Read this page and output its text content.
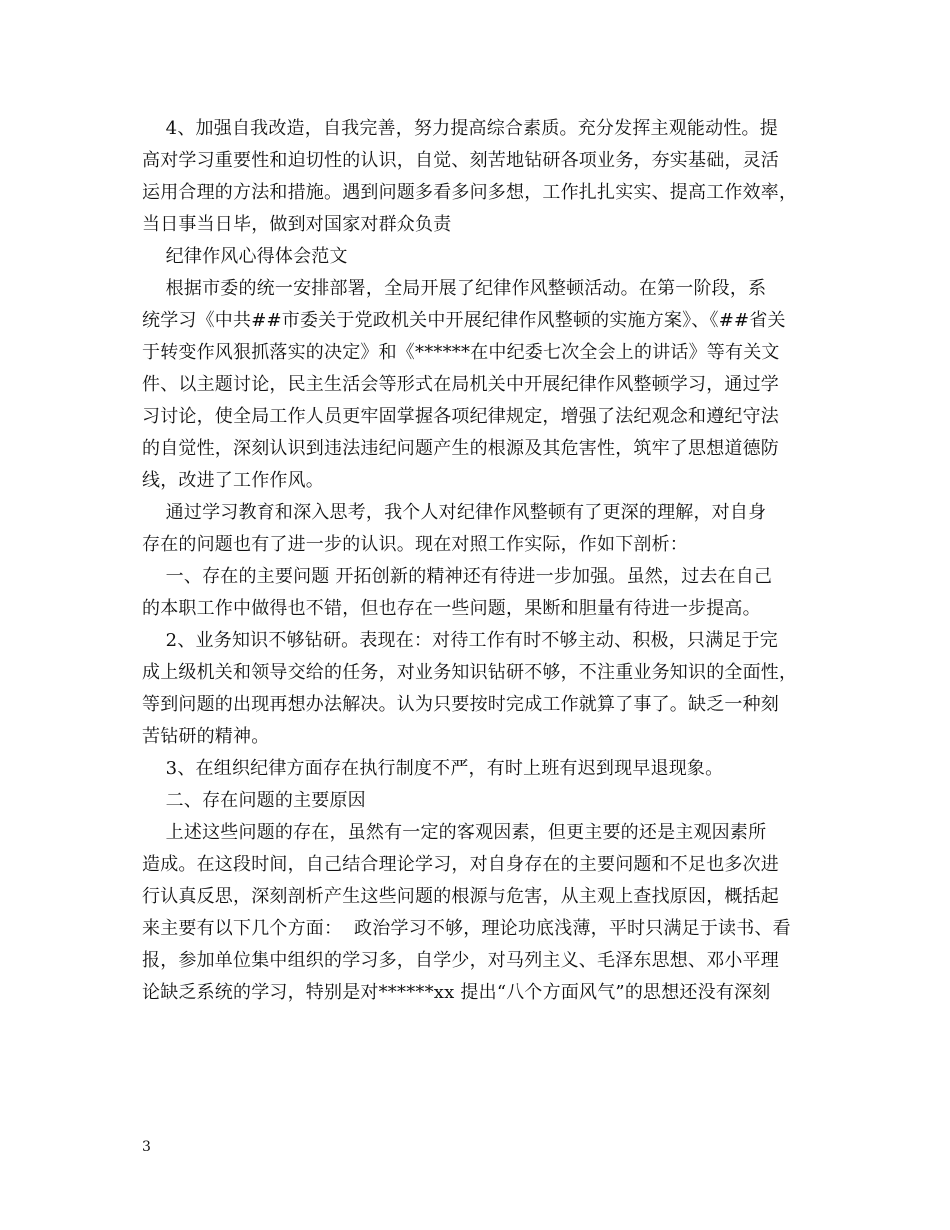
4、加强自我改造，自我完善，努力提高综合素质。充分发挥主观能动性。提
高对学习重要性和迫切性的认识，自觉、刻苦地钻研各项业务，夯实基础，灵活
运用合理的方法和措施。遇到问题多看多问多想，工作扎扎实实、提高工作效率，
当日事当日毕，做到对国家对群众负责
纪律作风心得体会范文
根据市委的统一安排部署，全局开展了纪律作风整顿活动。在第一阶段，系
统学习《中共##市委关于党政机关中开展纪律作风整顿的实施方案》、《##省关
于转变作风狠抓落实的决定》和《******在中纪委七次全会上的讲话》等有关文
件、以主题讨论，民主生活会等形式在局机关中开展纪律作风整顿学习，通过学
习讨论，使全局工作人员更牢固掌握各项纪律规定，增强了法纪观念和遵纪守法
的自觉性，深刻认识到违法违纪问题产生的根源及其危害性，筑牢了思想道德防
线，改进了工作作风。
通过学习教育和深入思考，我个人对纪律作风整顿有了更深的理解，对自身
存在的问题也有了进一步的认识。现在对照工作实际，作如下剖析：
一、存在的主要问题 开拓创新的精神还有待进一步加强。虽然，过去在自己
的本职工作中做得也不错，但也存在一些问题，果断和胆量有待进一步提高。
2、业务知识不够钻研。表现在：对待工作有时不够主动、积极，只满足于完
成上级机关和领导交给的任务，对业务知识钻研不够，不注重业务知识的全面性，
等到问题的出现再想办法解决。认为只要按时完成工作就算了事了。缺乏一种刻
苦钻研的精神。
3、在组织纪律方面存在执行制度不严，有时上班有迟到现早退现象。
二、存在问题的主要原因
上述这些问题的存在，虽然有一定的客观因素，但更主要的还是主观因素所
造成。在这段时间，自己结合理论学习，对自身存在的主要问题和不足也多次进
行认真反思，深刻剖析产生这些问题的根源与危害，从主观上查找原因，概括起
来主要有以下几个方面：  政治学习不够，理论功底浅薄，平时只满足于读书、看
报，参加单位集中组织的学习多，自学少，对马列主义、毛泽东思想、邓小平理
论缺乏系统的学习，特别是对******xx 提出“八个方面风气”的思想还没有深刻
3
